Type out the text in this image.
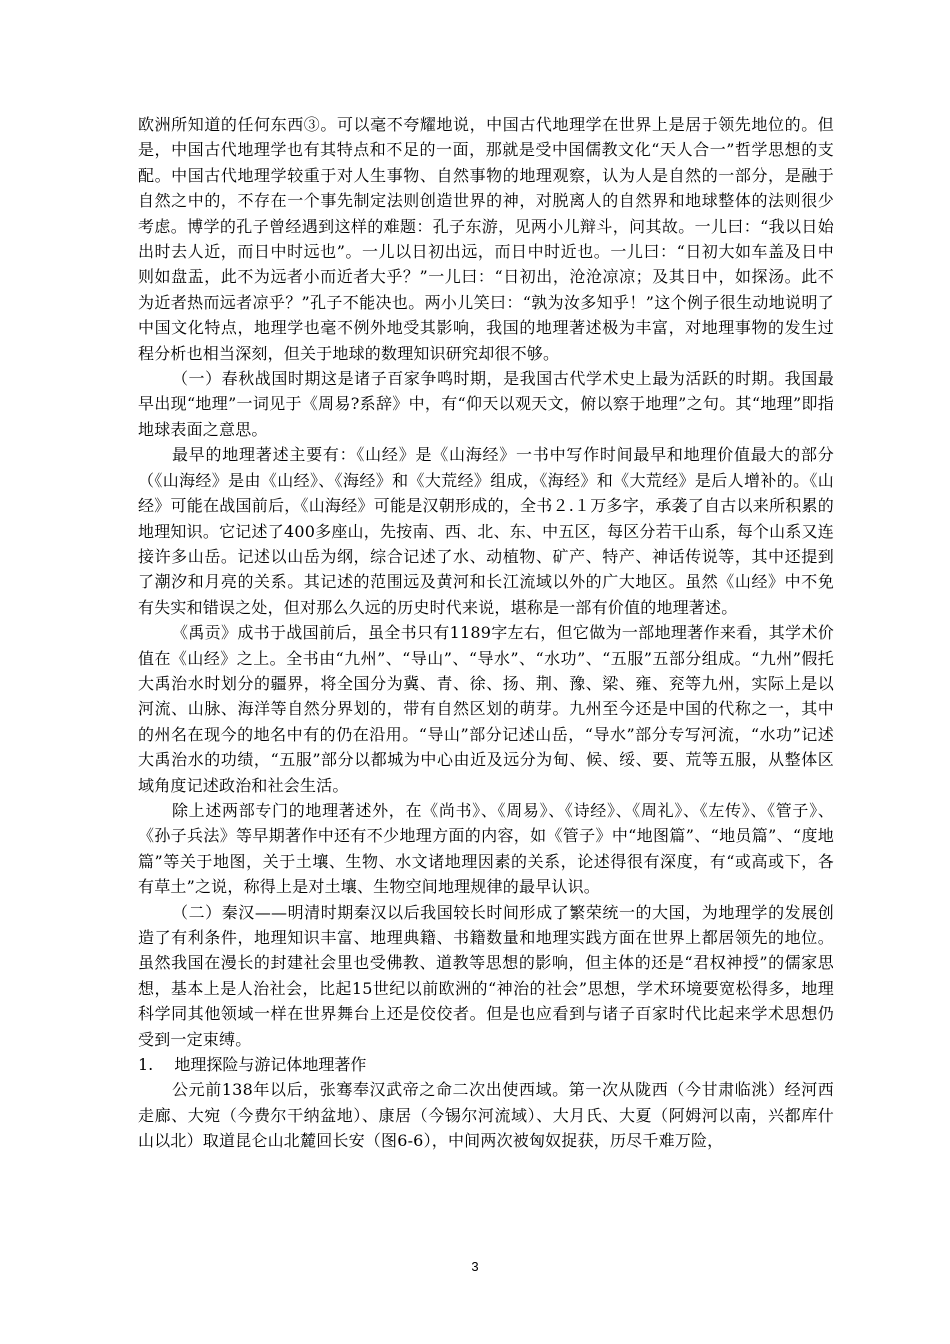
欧洲所知道的任何东西③。可以毫不夸耀地说，中国古代地理学在世界上是居于领先地位的。但是，中国古代地理学也有其特点和不足的一面，那就是受中国儒教文化“天人合一”哲学思想的支配。中国古代地理学较重于对人生事物、自然事物的地理观察，认为人是自然的一部分，是融于自然之中的，不存在一个事先制定法则创造世界的神，对脱离人的自然界和地球整体的法则很少考虑。博学的孔子曾经遇到这样的难题：孔子东游，见两小儿辩斗，问其故。一儿曰：“我以日始出时去人近，而日中时远也”。一儿以日初出远，而日中时近也。一儿曰：“日初大如车盖及日中则如盘盂，此不为远者小而近者大乎？”一儿曰：“日初出，沧沧凉凉；及其日中，如探汤。此不为近者热而远者凉乎？”孔子不能决也。两小儿笑曰：“孰为汝多知乎！”这个例子很生动地说明了中国文化特点，地理学也毫不例外地受其影响，我国的地理著述极为丰富，对地理事物的发生过程分析也相当深刻，但关于地球的数理知识研究却很不够。

（一）春秋战国时期这是诸子百家争鸣时期，是我国古代学术史上最为活跃的时期。我国最早出现“地理”一词见于《周易?系辞》中，有“仰天以观天文，俯以察于地理”之句。其“地理”即指地球表面之意思。

最早的地理著述主要有：《山经》是《山海经》一书中写作时间最早和地理价值最大的部分（《山海经》是由《山经》、《海经》和《大荒经》组成，《海经》和《大荒经》是后人增补的。《山经》可能在战国前后，《山海经》可能是汉朝形成的，全书２.１万多字，承袭了自古以来所积累的地理知识。它记述了400多座山，先按南、西、北、东、中五区，每区分若干山系，每个山系又连接许多山岳。记述以山岳为纲，综合记述了水、动植物、矿产、特产、神话传说等，其中还提到了潮汐和月亮的关系。其记述的范围远及黄河和长江流域以外的广大地区。虽然《山经》中不免有失实和错误之处，但对那么久远的历史时代来说，堪称是一部有价值的地理著述。

《禹贡》成书于战国前后，虽全书只有1189字左右，但它做为一部地理著作来看，其学术价值在《山经》之上。全书由“九州”、“导山”、“导水”、“水功”、“五服”五部分组成。“九州”假托大禹治水时划分的疆界，将全国分为冀、青、徐、扬、荆、豫、梁、雍、兖等九州，实际上是以河流、山脉、海洋等自然分界划的，带有自然区划的萌芽。九州至今还是中国的代称之一，其中的州名在现今的地名中有的仍在沿用。“导山”部分记述山岳，“导水”部分专写河流，“水功”记述大禹治水的功绩，“五服”部分以都城为中心由近及远分为甸、候、绥、要、荒等五服，从整体区域角度记述政治和社会生活。

除上述两部专门的地理著述外，在《尚书》、《周易》、《诗经》、《周礼》、《左传》、《管子》、《孙子兵法》等早期著作中还有不少地理方面的内容，如《管子》中“地图篇”、“地员篇”、“度地篇”等关于地图，关于土壤、生物、水文诸地理因素的关系，论述得很有深度，有“或高或下，各有草土”之说，称得上是对土壤、生物空间地理规律的最早认识。

（二）秦汉——明清时期秦汉以后我国较长时间形成了繁荣统一的大国，为地理学的发展创造了有利条件，地理知识丰富、地理典籍、书籍数量和地理实践方面在世界上都居领先的地位。虽然我国在漫长的封建社会里也受佛教、道教等思想的影响，但主体的还是“君权神授”的儒家思想，基本上是人治社会，比起15世纪以前欧洲的“神治的社会”思想，学术环境要宽松得多，地理科学同其他领域一样在世界舞台上还是佼佼者。但是也应看到与诸子百家时代比起来学术思想仍受到一定束缚。

1.　 地理探险与游记体地理著作

公元前138年以后，张骞奉汉武帝之命二次出使西域。第一次从陇西（今甘肃临洮）经河西走廊、大宛（今费尔干纳盆地）、康居（今锡尔河流域）、大月氏、大夏（阿姆河以南，兴都库什山以北）取道昆仑山北麓回长安（图6-6），中间两次被匈奴捉获，历尽千难万险，

3
